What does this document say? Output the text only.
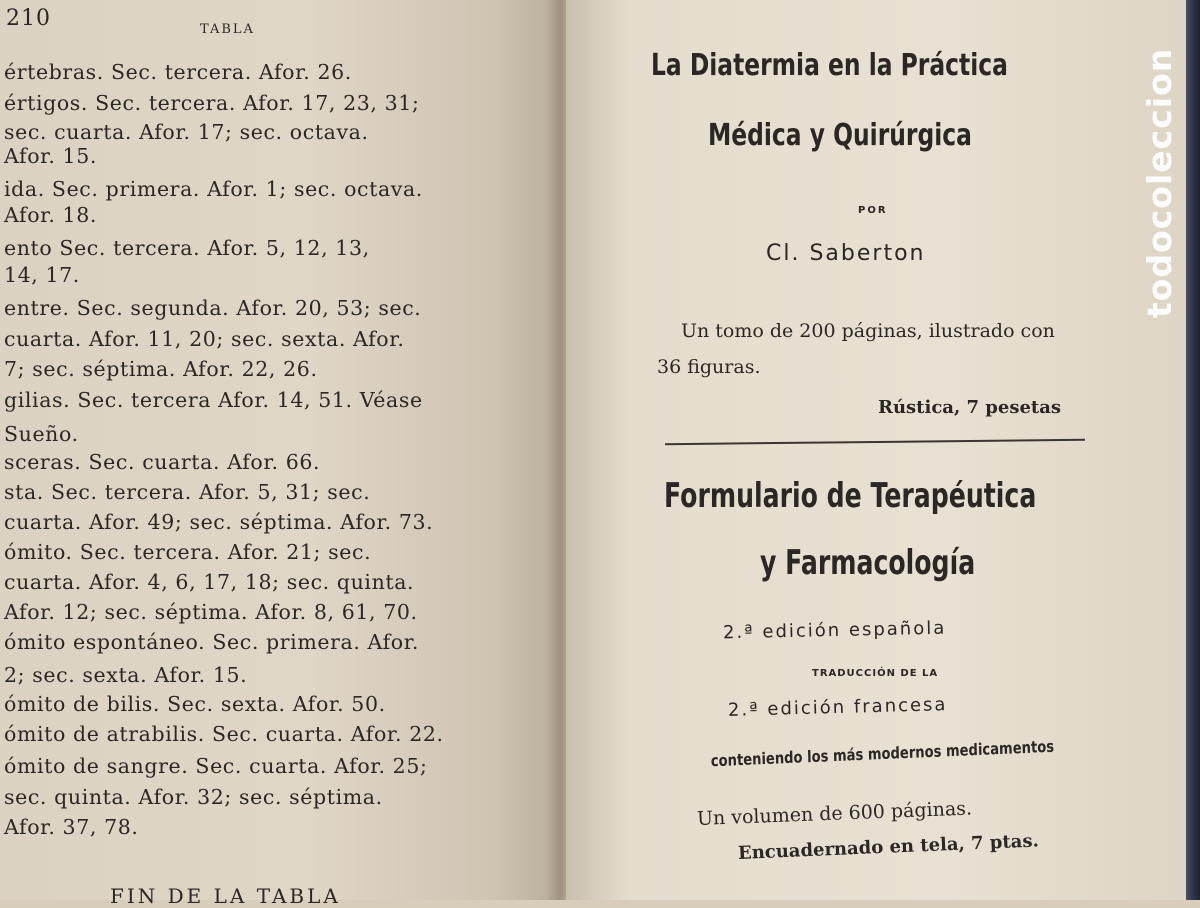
210	TABLA
értebras. Sec. tercera. Afor. 26.
értigos. Sec. tercera. Afor. 17, 23, 31;
sec. cuarta. Afor. 17; sec. octava.
Afor. 15.
ida. Sec. primera. Afor. 1; sec. octava.
Afor. 18.
ento Sec. tercera. Afor. 5, 12, 13,
14, 17.
entre. Sec. segunda. Afor. 20, 53; sec.
cuarta. Afor. 11, 20; sec. sexta. Afor.
7; sec. séptima. Afor. 22, 26.
gilias. Sec. tercera Afor. 14, 51. Véase
Sueño.
sceras. Sec. cuarta. Afor. 66.
sta. Sec. tercera. Afor. 5, 31; sec.
cuarta. Afor. 49; sec. séptima. Afor. 73.
ómito. Sec. tercera. Afor. 21; sec.
cuarta. Afor. 4, 6, 17, 18; sec. quinta.
Afor. 12; sec. séptima. Afor. 8, 61, 70.
ómito espontáneo. Sec. primera. Afor.
2; sec. sexta. Afor. 15.
ómito de bilis. Sec. sexta. Afor. 50.
ómito de atrabilis. Sec. cuarta. Afor. 22.
ómito de sangre. Sec. cuarta. Afor. 25;
sec. quinta. Afor. 32; sec. séptima.
Afor. 37, 78.
FIN DE LA TABLA
La Diatermia en la Práctica
Médica y Quirúrgica
POR
Cl. Saberton
Un tomo de 200 páginas, ilustrado con
36 figuras.
Rústica, 7 pesetas
Formulario de Terapéutica
y Farmacología
2.ª edición española
TRADUCCIÓN DE LA
2.ª edición francesa
conteniendo los más modernos medicamentos
Un volumen de 600 páginas.
Encuadernado en tela, 7 ptas.
todocoleccion
